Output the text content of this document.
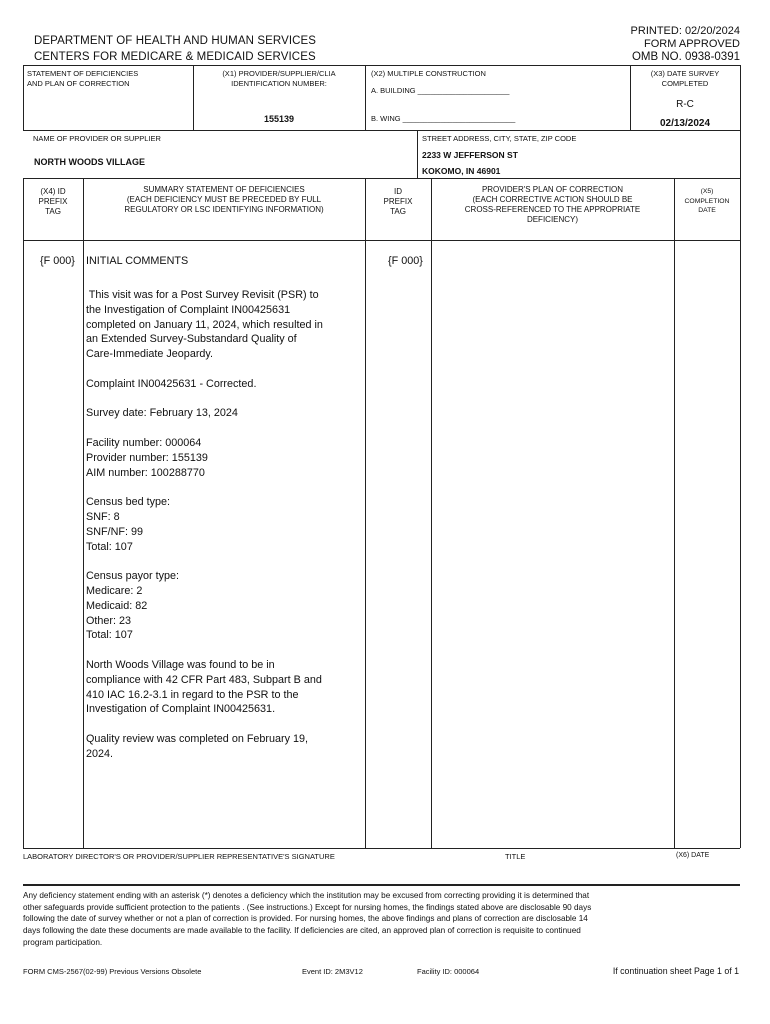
DEPARTMENT OF HEALTH AND HUMAN SERVICES
CENTERS FOR MEDICARE & MEDICAID SERVICES
PRINTED: 02/20/2024
FORM APPROVED
OMB NO. 0938-0391
STATEMENT OF DEFICIENCIES
AND PLAN OF CORRECTION
(X1) PROVIDER/SUPPLIER/CLIA
IDENTIFICATION NUMBER:
155139
(X2) MULTIPLE CONSTRUCTION
A. BUILDING ______________________
B. WING ___________________________
(X3) DATE SURVEY
COMPLETED
R-C
02/13/2024
NAME OF PROVIDER OR SUPPLIER
NORTH WOODS VILLAGE
STREET ADDRESS, CITY, STATE, ZIP CODE
2233 W JEFFERSON ST
KOKOMO, IN 46901
(X4) ID
PREFIX
TAG
SUMMARY STATEMENT OF DEFICIENCIES
(EACH DEFICIENCY MUST BE PRECEDED BY FULL
REGULATORY OR LSC IDENTIFYING INFORMATION)
ID
PREFIX
TAG
PROVIDER'S PLAN OF CORRECTION
(EACH CORRECTIVE ACTION SHOULD BE
CROSS-REFERENCED TO THE APPROPRIATE
DEFICIENCY)
(X5)
COMPLETION
DATE
{F 000} INITIAL COMMENTS	{F 000}
This visit was for a Post Survey Revisit (PSR) to
the Investigation of Complaint IN00425631
completed on January 11, 2024, which resulted in
an Extended Survey-Substandard Quality of
Care-Immediate Jeopardy.
Complaint IN00425631 - Corrected.
Survey date: February 13, 2024
Facility number: 000064
Provider number: 155139
AIM number: 100288770
Census bed type:
SNF: 8
SNF/NF: 99
Total: 107
Census payor type:
Medicare: 2
Medicaid: 82
Other: 23
Total: 107
North Woods Village was found to be in
compliance with 42 CFR Part 483, Subpart B and
410 IAC 16.2-3.1 in regard to the PSR to the
Investigation of Complaint IN00425631.
Quality review was completed on February 19,
2024.
LABORATORY DIRECTOR'S OR PROVIDER/SUPPLIER REPRESENTATIVE'S SIGNATURE	TITLE	(X6) DATE
Any deficiency statement ending with an asterisk (*) denotes a deficiency which the institution may be excused from correcting providing it is determined that
other safeguards provide sufficient protection to the patients . (See instructions.) Except for nursing homes, the findings stated above are disclosable 90 days
following the date of survey whether or not a plan of correction is provided. For nursing homes, the above findings and plans of correction are disclosable 14
days following the date these documents are made available to the facility. If deficiencies are cited, an approved plan of correction is requisite to continued
program participation.
FORM CMS-2567(02-99) Previous Versions Obsolete	Event ID: 2M3V12	Facility ID: 000064	If continuation sheet Page 1 of 1
